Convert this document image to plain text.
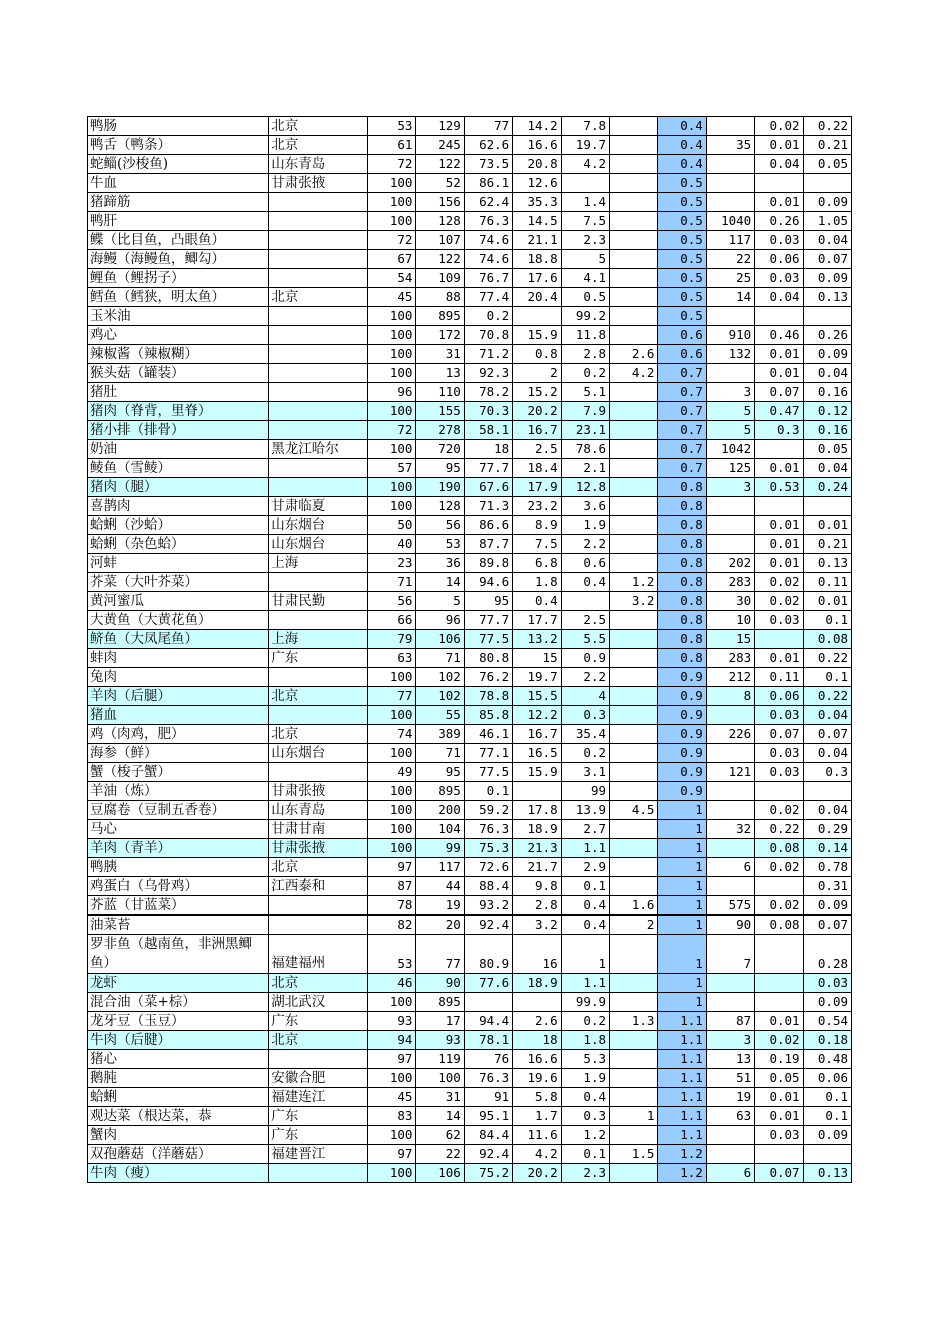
鸭肠	北京	53	129	77	14.2	7.8		0.4		0.02	0.22
鸭舌（鸭条）	北京	61	245	62.6	16.6	19.7		0.4	35	0.01	0.21
蛇鲻(沙梭鱼)	山东青岛	72	122	73.5	20.8	4.2		0.4		0.04	0.05
牛血	甘肃张掖	100	52	86.1	12.6			0.5			
猪蹄筋		100	156	62.4	35.3	1.4		0.5		0.01	0.09
鸭肝		100	128	76.3	14.5	7.5		0.5	1040	0.26	1.05
鲽（比目鱼，凸眼鱼）		72	107	74.6	21.1	2.3		0.5	117	0.03	0.04
海鳗（海鳗鱼，鲫勾）		67	122	74.6	18.8	5		0.5	22	0.06	0.07
鲤鱼（鲤拐子）		54	109	76.7	17.6	4.1		0.5	25	0.03	0.09
鳕鱼（鳕狭，明太鱼）	北京	45	88	77.4	20.4	0.5		0.5	14	0.04	0.13
玉米油		100	895	0.2		99.2		0.5			
鸡心		100	172	70.8	15.9	11.8		0.6	910	0.46	0.26
辣椒酱（辣椒糊）		100	31	71.2	0.8	2.8	2.6	0.6	132	0.01	0.09
猴头菇（罐装）		100	13	92.3	2	0.2	4.2	0.7		0.01	0.04
猪肚		96	110	78.2	15.2	5.1		0.7	3	0.07	0.16
猪肉（脊背，里脊）		100	155	70.3	20.2	7.9		0.7	5	0.47	0.12
猪小排（排骨）		72	278	58.1	16.7	23.1		0.7	5	0.3	0.16
奶油	黑龙江哈尔	100	720	18	2.5	78.6		0.7	1042		0.05
鲮鱼（雪鲮）		57	95	77.7	18.4	2.1		0.7	125	0.01	0.04
猪肉（腿）		100	190	67.6	17.9	12.8		0.8	3	0.53	0.24
喜鹊肉	甘肃临夏	100	128	71.3	23.2	3.6		0.8			
蛤蜊（沙蛤）	山东烟台	50	56	86.6	8.9	1.9		0.8		0.01	0.01
蛤蜊（杂色蛤）	山东烟台	40	53	87.7	7.5	2.2		0.8		0.01	0.21
河蚌	上海	23	36	89.8	6.8	0.6		0.8	202	0.01	0.13
芥菜（大叶芥菜）		71	14	94.6	1.8	0.4	1.2	0.8	283	0.02	0.11
黄河蜜瓜	甘肃民勤	56	5	95	0.4		3.2	0.8	30	0.02	0.01
大黄鱼（大黄花鱼）		66	96	77.7	17.7	2.5		0.8	10	0.03	0.1
鲚鱼（大凤尾鱼）	上海	79	106	77.5	13.2	5.5		0.8	15		0.08
蚌肉	广东	63	71	80.8	15	0.9		0.8	283	0.01	0.22
兔肉		100	102	76.2	19.7	2.2		0.9	212	0.11	0.1
羊肉（后腿）	北京	77	102	78.8	15.5	4		0.9	8	0.06	0.22
猪血		100	55	85.8	12.2	0.3		0.9		0.03	0.04
鸡（肉鸡，肥）	北京	74	389	46.1	16.7	35.4		0.9	226	0.07	0.07
海参（鲜）	山东烟台	100	71	77.1	16.5	0.2		0.9		0.03	0.04
蟹（梭子蟹）		49	95	77.5	15.9	3.1		0.9	121	0.03	0.3
羊油（炼）	甘肃张掖	100	895	0.1		99		0.9			
豆腐卷（豆制五香卷）	山东青岛	100	200	59.2	17.8	13.9	4.5	1		0.02	0.04
马心	甘肃甘南	100	104	76.3	18.9	2.7		1	32	0.22	0.29
羊肉（青羊）	甘肃张掖	100	99	75.3	21.3	1.1		1		0.08	0.14
鸭胰	北京	97	117	72.6	21.7	2.9		1	6	0.02	0.78
鸡蛋白（乌骨鸡）	江西泰和	87	44	88.4	9.8	0.1		1			0.31
芥蓝（甘蓝菜）		78	19	93.2	2.8	0.4	1.6	1	575	0.02	0.09
油菜苔		82	20	92.4	3.2	0.4	2	1	90	0.08	0.07
罗非鱼（越南鱼，非洲黑鲫鱼）	福建福州	53	77	80.9	16	1		1	7		0.28
龙虾	北京	46	90	77.6	18.9	1.1		1			0.03
混合油（菜+棕）	湖北武汉	100	895			99.9		1			0.09
龙牙豆（玉豆）	广东	93	17	94.4	2.6	0.2	1.3	1.1	87	0.01	0.54
牛肉（后腱）	北京	94	93	78.1	18	1.8		1.1	3	0.02	0.18
猪心		97	119	76	16.6	5.3		1.1	13	0.19	0.48
鹅肫	安徽合肥	100	100	76.3	19.6	1.9		1.1	51	0.05	0.06
蛤蜊	福建连江	45	31	91	5.8	0.4		1.1	19	0.01	0.1
观达菜（根达菜，恭	广东	83	14	95.1	1.7	0.3	1	1.1	63	0.01	0.1
蟹肉	广东	100	62	84.4	11.6	1.2		1.1		0.03	0.09
双孢蘑菇（洋蘑菇）	福建晋江	97	22	92.4	4.2	0.1	1.5	1.2			
牛肉（瘦）		100	106	75.2	20.2	2.3		1.2	6	0.07	0.13
